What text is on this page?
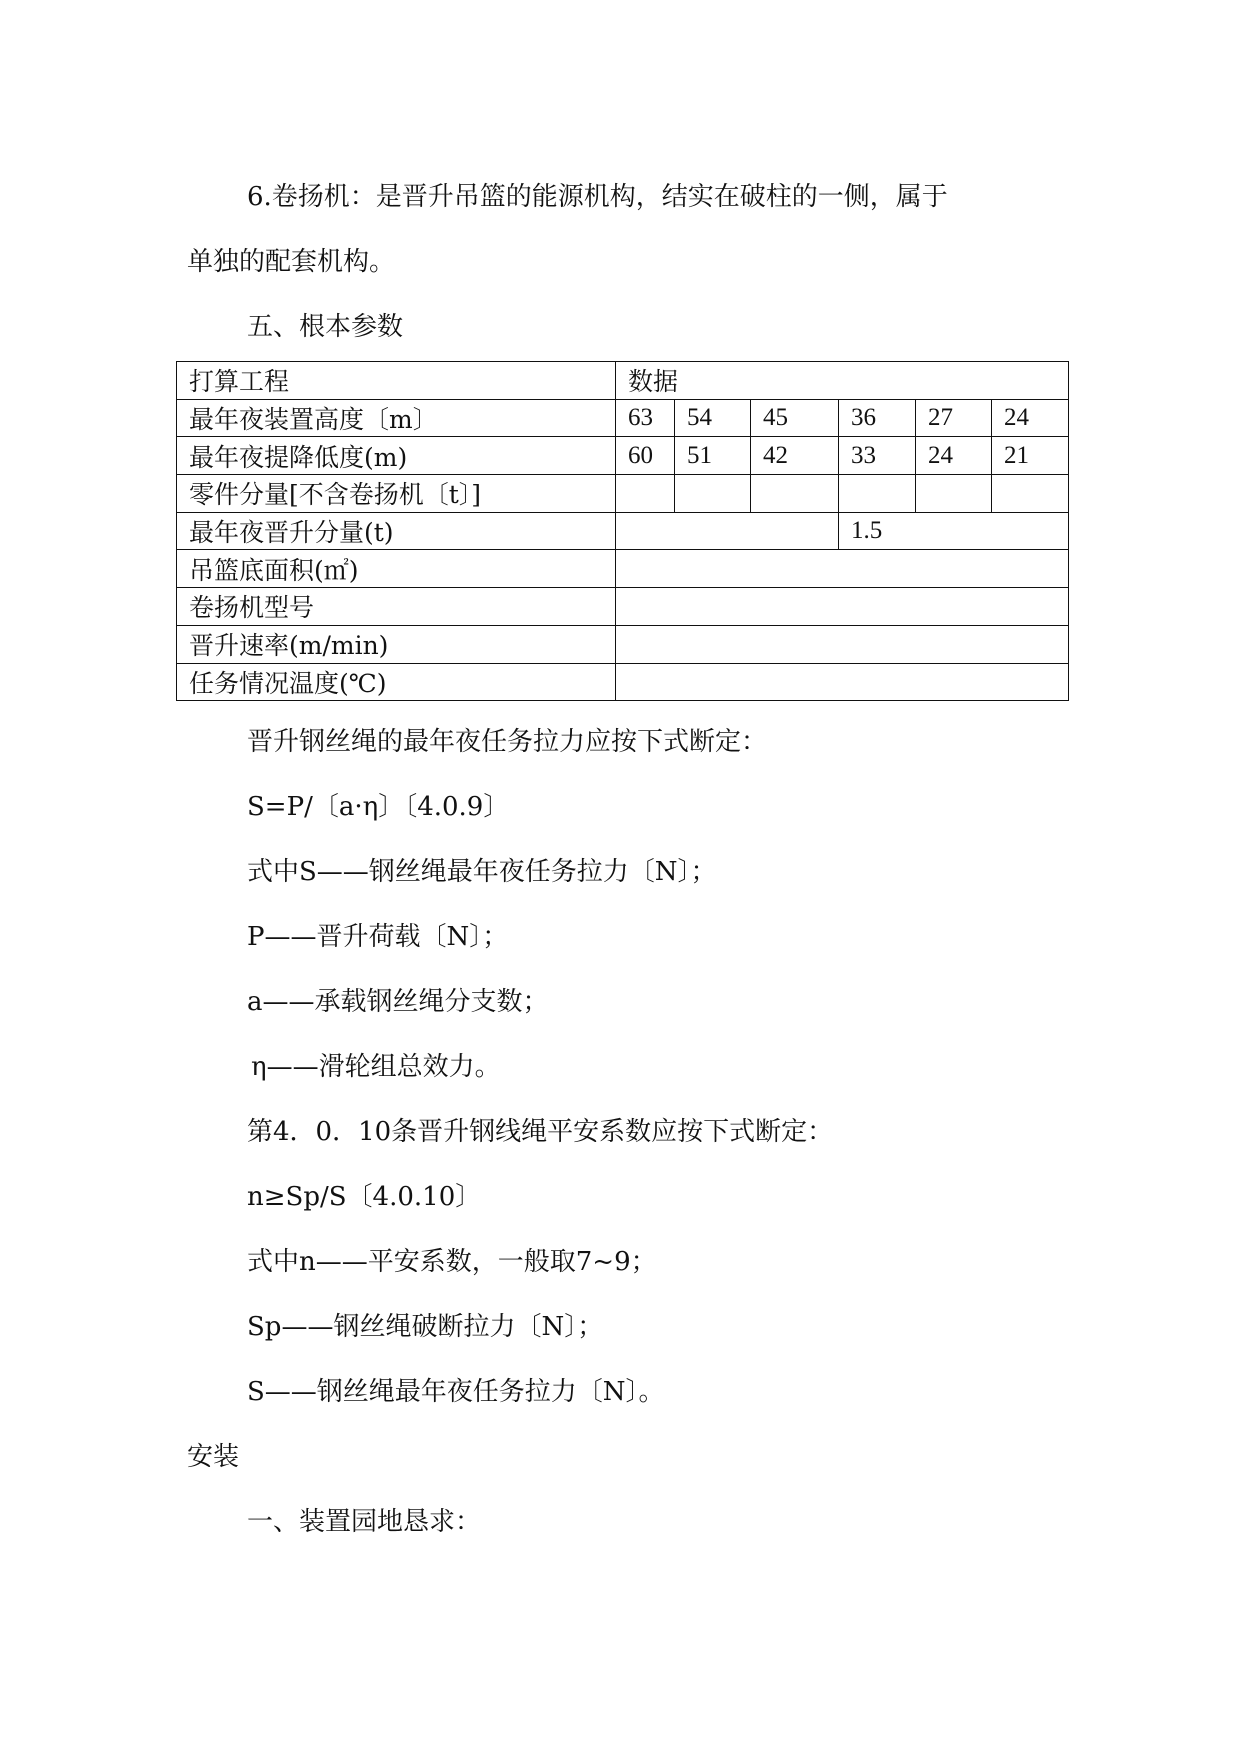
6.卷扬机：是晋升吊篮的能源机构，结实在破柱的一侧，属于
单独的配套机构。
五、根本参数
打算工程	数据					
最年夜装置高度〔m〕	63	54	45	36	27	24
最年夜提降低度(m)	60	51	42	33	24	21
零件分量[不含卷扬机〔t〕]						
最年夜晋升分量(t)				1.5		
吊篮底面积(㎡)						
卷扬机型号						
晋升速率(m/min)						
任务情况温度(℃)						
晋升钢丝绳的最年夜任务拉力应按下式断定：
S=P/〔a·η〕〔4.0.9〕
式中S——钢丝绳最年夜任务拉力〔N〕；
P——晋升荷载〔N〕；
a——承载钢丝绳分支数；
η——滑轮组总效力。
第4．0．10条晋升钢线绳平安系数应按下式断定：
n≥Sp/S〔4.0.10〕
式中n——平安系数，一般取7~9；
Sp——钢丝绳破断拉力〔N〕；
S——钢丝绳最年夜任务拉力〔N〕。
安装
一、装置园地恳求：
